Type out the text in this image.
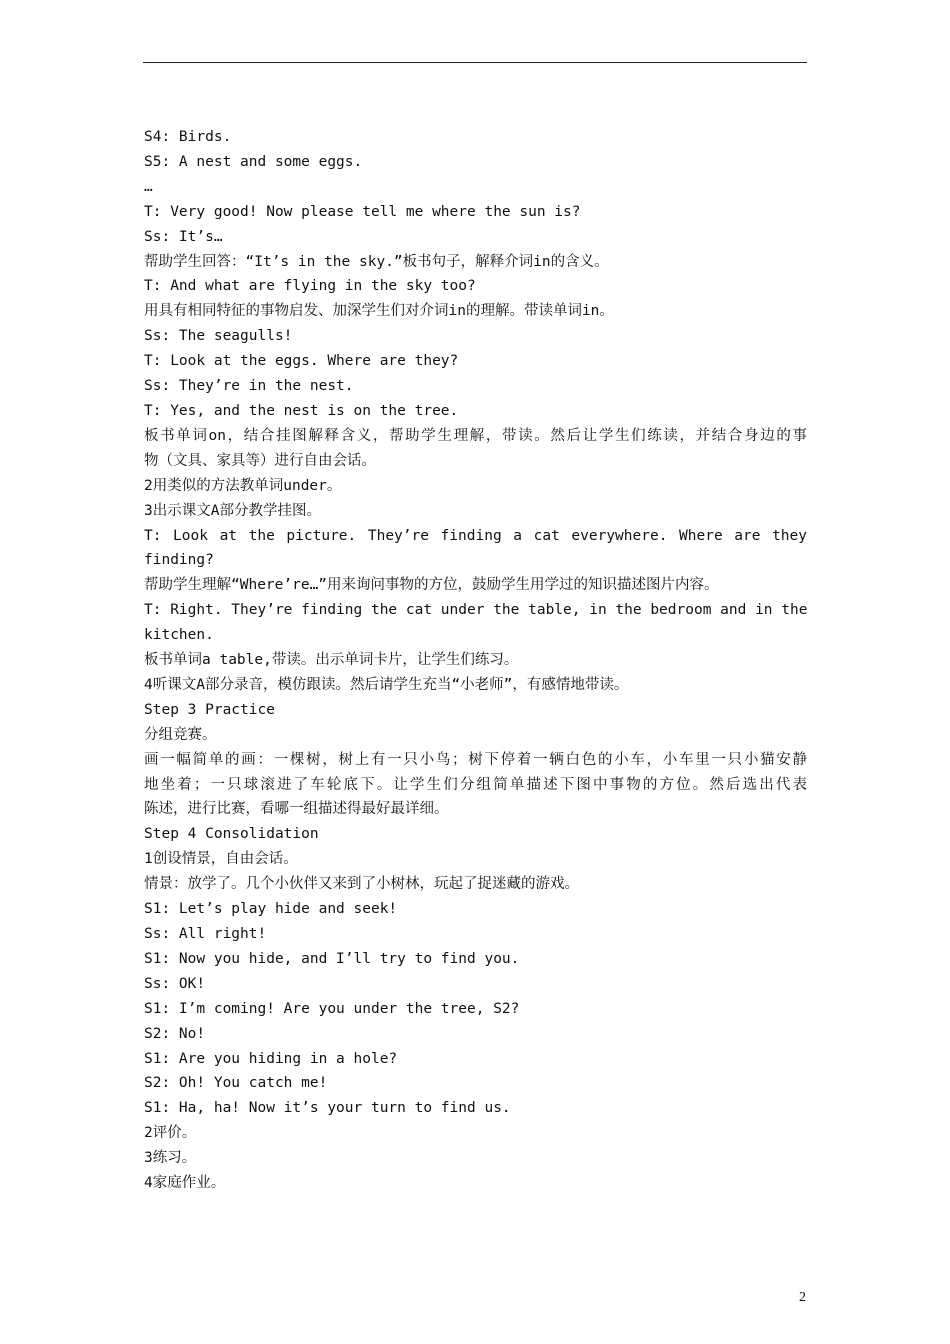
S4: Birds.
S5: A nest and some eggs.
…
T: Very good! Now please tell me where the sun is?
Ss: It’s…
帮助学生回答：“It’s in the sky.”板书句子，解释介词in的含义。
T: And what are flying in the sky too?
用具有相同特征的事物启发、加深学生们对介词in的理解。带读单词in。
Ss: The seagulls!
T: Look at the eggs. Where are they?
Ss: They’re in the nest.
T: Yes, and the nest is on the tree.
板书单词on，结合挂图解释含义，帮助学生理解，带读。然后让学生们练读，并结合身边的事
物（文具、家具等）进行自由会话。
2用类似的方法教单词under。
3出示课文A部分教学挂图。
T: Look at the picture. They’re finding a cat everywhere. Where are they
finding?
帮助学生理解“Where’re…”用来询问事物的方位，鼓励学生用学过的知识描述图片内容。
T: Right. They’re finding the cat under the table, in the bedroom and in the
kitchen.
板书单词a table,带读。出示单词卡片，让学生们练习。
4听课文A部分录音，模仿跟读。然后请学生充当“小老师”，有感情地带读。
Step 3 Practice
分组竞赛。
画一幅简单的画：一棵树，树上有一只小鸟；树下停着一辆白色的小车，小车里一只小猫安静
地坐着；一只球滚进了车轮底下。让学生们分组简单描述下图中事物的方位。然后选出代表
陈述，进行比赛，看哪一组描述得最好最详细。
Step 4 Consolidation
1创设情景，自由会话。
情景：放学了。几个小伙伴又来到了小树林，玩起了捉迷藏的游戏。
S1: Let’s play hide and seek!
Ss: All right!
S1: Now you hide, and I’ll try to find you.
Ss: OK!
S1: I’m coming! Are you under the tree, S2?
S2: No!
S1: Are you hiding in a hole?
S2: Oh! You catch me!
S1: Ha, ha! Now it’s your turn to find us.
2评价。
3练习。
4家庭作业。
2
